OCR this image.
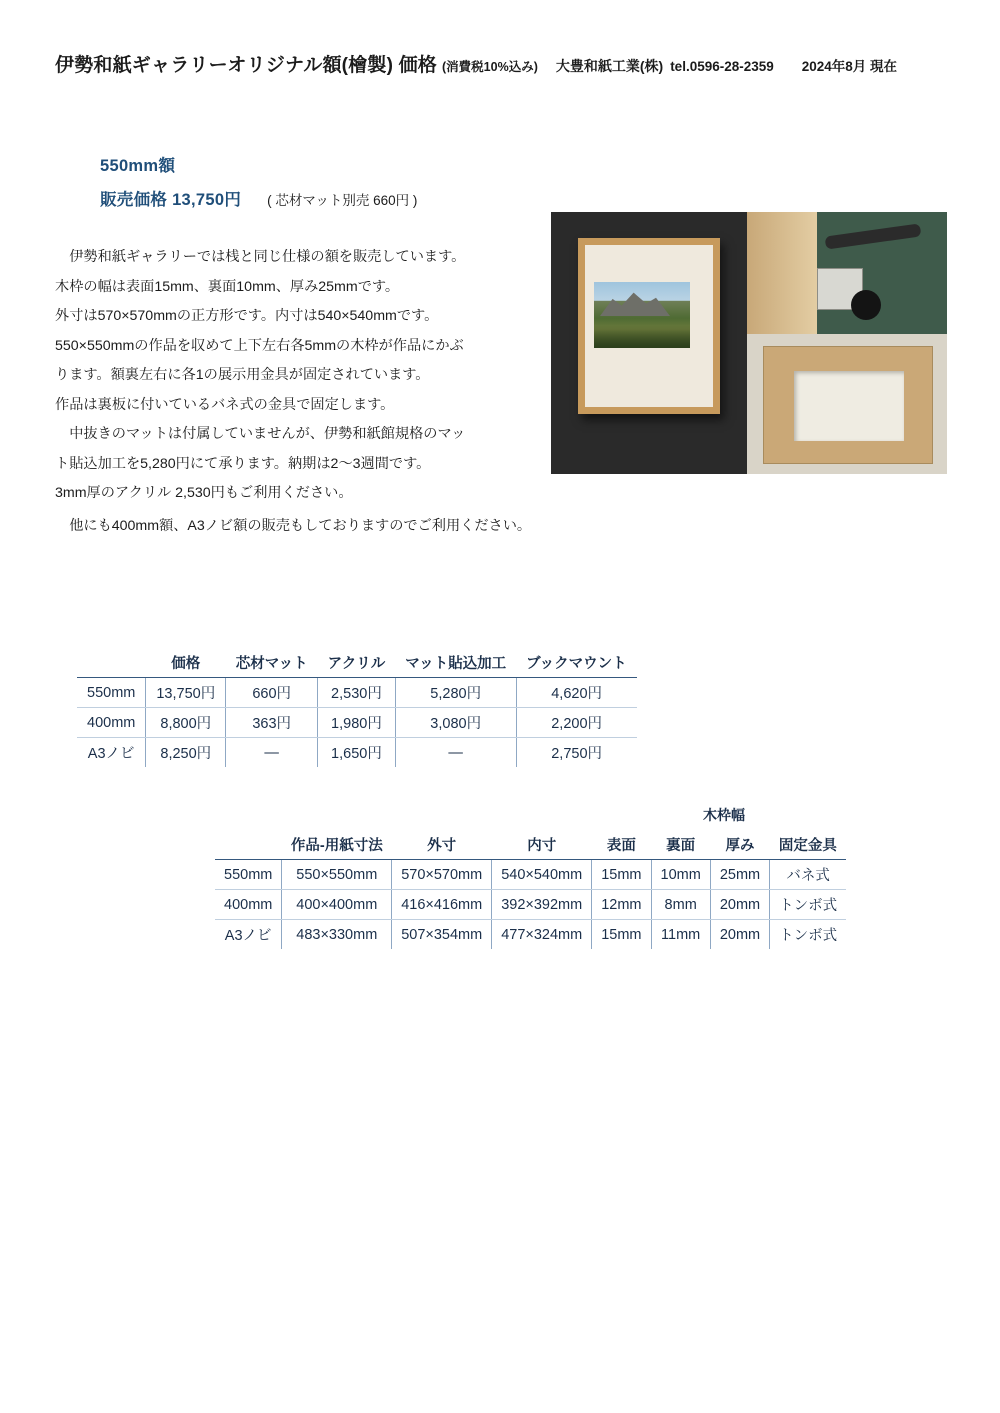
伊勢和紙ギャラリーオリジナル額(檜製) 価格 (消費税10%込み) 大豊和紙工業(株) tel.0596-28-2359 2024年8月 現在
550mm額
販売価格 13,750円 ( 芯材マット別売 660円 )

伊勢和紙ギャラリーでは桟と同じ仕様の額を販売しています。

木枠の幅は表面15mm、裏面10mm、厚み25mmです。

外寸は570×570mmの正方形です。内寸は540×540mmです。

550×550mmの作品を収めて上下左右各5mmの木枠が作品にかぶ

ります。額裏左右に各1の展示用金具が固定されています。

作品は裏板に付いているバネ式の金具で固定します。

中抜きのマットは付属していませんが、伊勢和紙館規格のマッ

ト貼込加工を5,280円にて承ります。納期は2〜3週間です。

3mm厚のアクリル 2,530円もご利用ください。

他にも400mm額、A3ノビ額の販売もしておりますのでご利用ください。
	価格	芯材マット	アクリル	マット貼込加工	ブックマウント
550mm	13,750円	660円	2,530円	5,280円	4,620円
400mm	8,800円	363円	1,980円	3,080円	2,200円
A3ノビ	8,250円	—	1,650円	—	2,750円
木枠幅
	作品-用紙寸法	外寸	内寸	表面	裏面	厚み	固定金具
550mm	550×550mm	570×570mm	540×540mm	15mm	10mm	25mm	バネ式
400mm	400×400mm	416×416mm	392×392mm	12mm	8mm	20mm	トンボ式
A3ノビ	483×330mm	507×354mm	477×324mm	15mm	11mm	20mm	トンボ式
